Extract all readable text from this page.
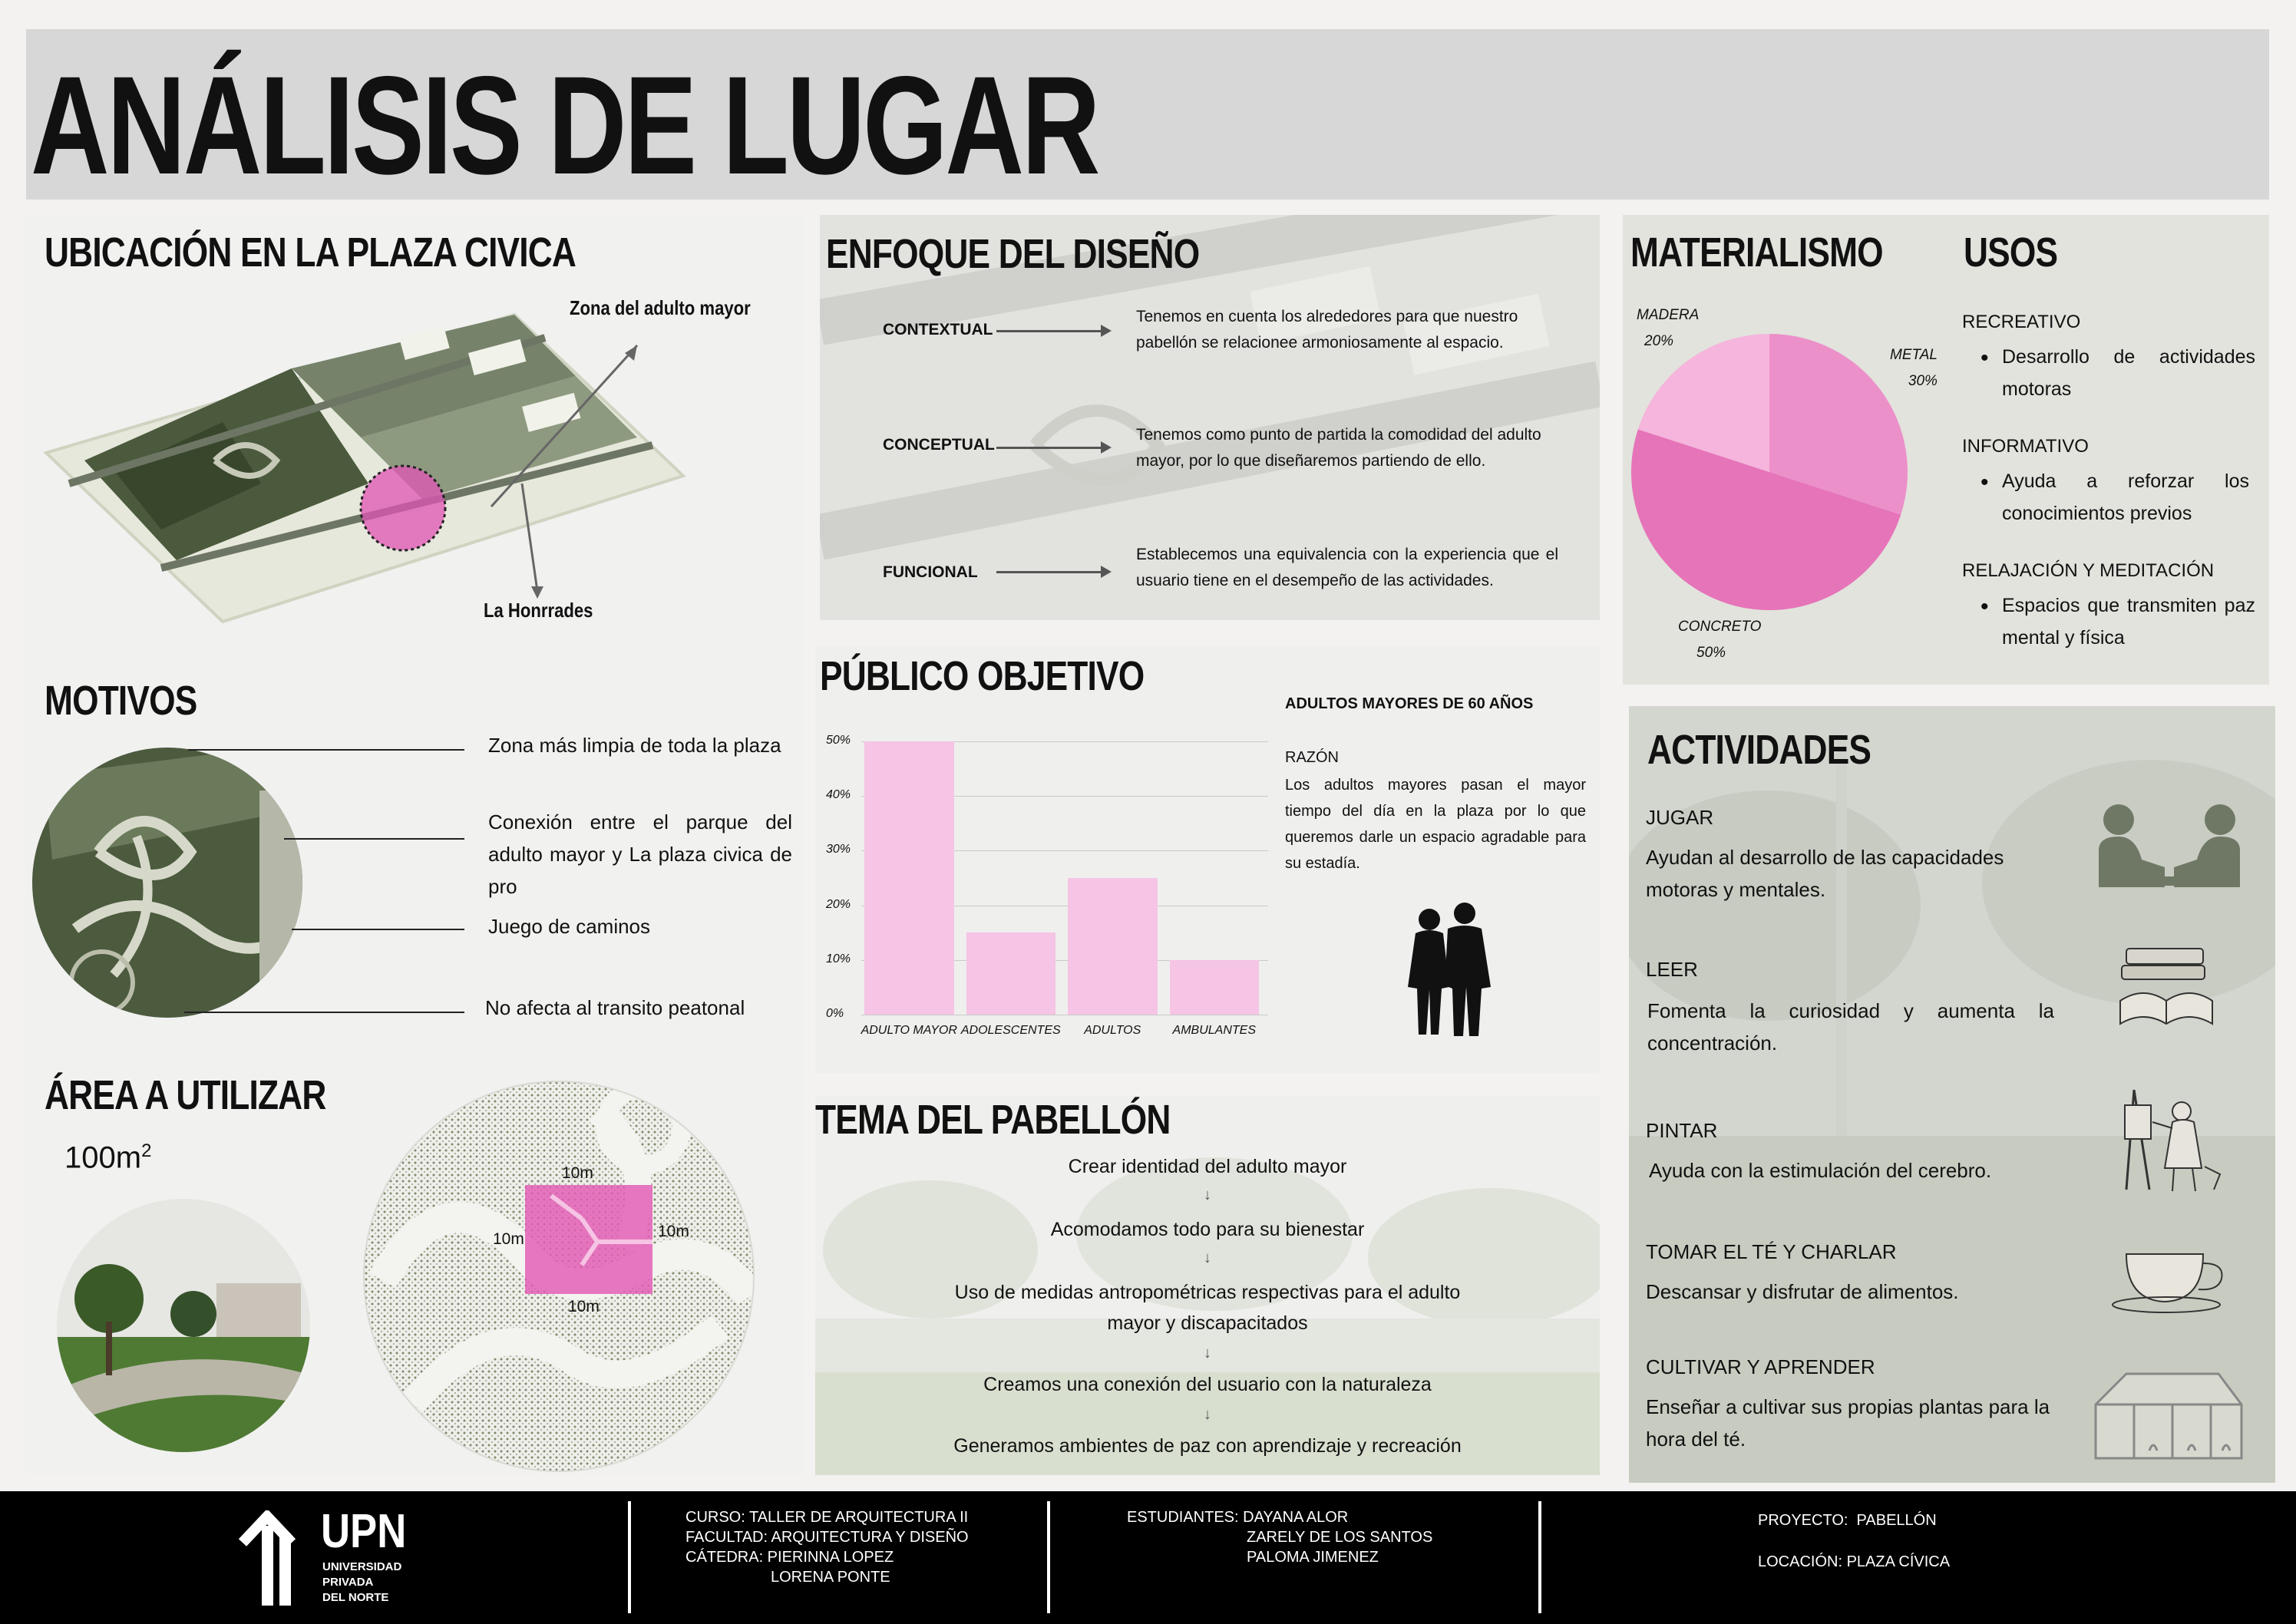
ANÁLISIS DE LUGAR
UBICACIÓN EN LA PLAZA CIVICA
Zona del adulto mayor
La Honrrades
MOTIVOS
Zona más limpia de toda la plaza
Conexión entre el parque del adulto mayor y La plaza civica de pro
Juego de caminos
No afecta al transito peatonal
ÁREA A UTILIZAR
$100m^2$
10m
10m	10m
10m
ENFOQUE DEL DISEÑO
CONTEXTUAL
Tenemos en cuenta los alrededores para que nuestro pabellón se relacionee armoniosamente al espacio.
CONCEPTUAL
Tenemos como punto de partida la comodidad del adulto mayor, por lo que diseñaremos partiendo de ello.
FUNCIONAL
Establecemos una equivalencia con la experiencia que el usuario tiene en el desempeño de las actividades.
PÚBLICO OBJETIVO
0%
10%
20%
30%
40%
50%
ADULTO MAYOR ADOLESCENTES	ADULTOS	AMBULANTES
ADULTOS MAYORES DE 60 AÑOS
RAZÓN
Los adultos mayores pasan el mayor tiempo del día en la plaza por lo que queremos darle un espacio agradable para su estadía.
TEMA DEL PABELLÓN
Crear identidad del adulto mayor
↓
Acomodamos todo para su bienestar
↓
Uso de medidas antropométricas respectivas para el adulto mayor y discapacitados
↓
Creamos una conexión del usuario con la naturaleza
↓
Generamos ambientes de paz con aprendizaje y recreación
MATERIALISMO USOS
MADERA
20%
METAL
30%
CONCRETO
50%
RECREATIVO
• Desarrollo de actividades motoras
INFORMATIVO
• Ayuda a reforzar los conocimientos previos
RELAJACIÓN Y MEDITACIÓN
• Espacios que transmiten paz mental y física
ACTIVIDADES
JUGAR
Ayudan al desarrollo de las capacidades motoras y mentales.
LEER
Fomenta la curiosidad y aumenta la concentración.
PINTAR
Ayuda con la estimulación del cerebro.
TOMAR EL TÉ Y CHARLAR
Descansar y disfrutar de alimentos.
CULTIVAR Y APRENDER
Enseñar a cultivar sus propias plantas para la hora del té.
UPN
UNIVERSIDAD
PRIVADA
DEL NORTE
CURSO: TALLER DE ARQUITECTURA II
FACULTAD: ARQUITECTURA Y DISEÑO
CÁTEDRA: PIERINNA LOPEZ
LORENA PONTE
ESTUDIANTES: DAYANA ALOR
ZARELY DE LOS SANTOS
PALOMA JIMENEZ
PROYECTO:  PABELLÓN
LOCACIÓN: PLAZA CÍVICA
